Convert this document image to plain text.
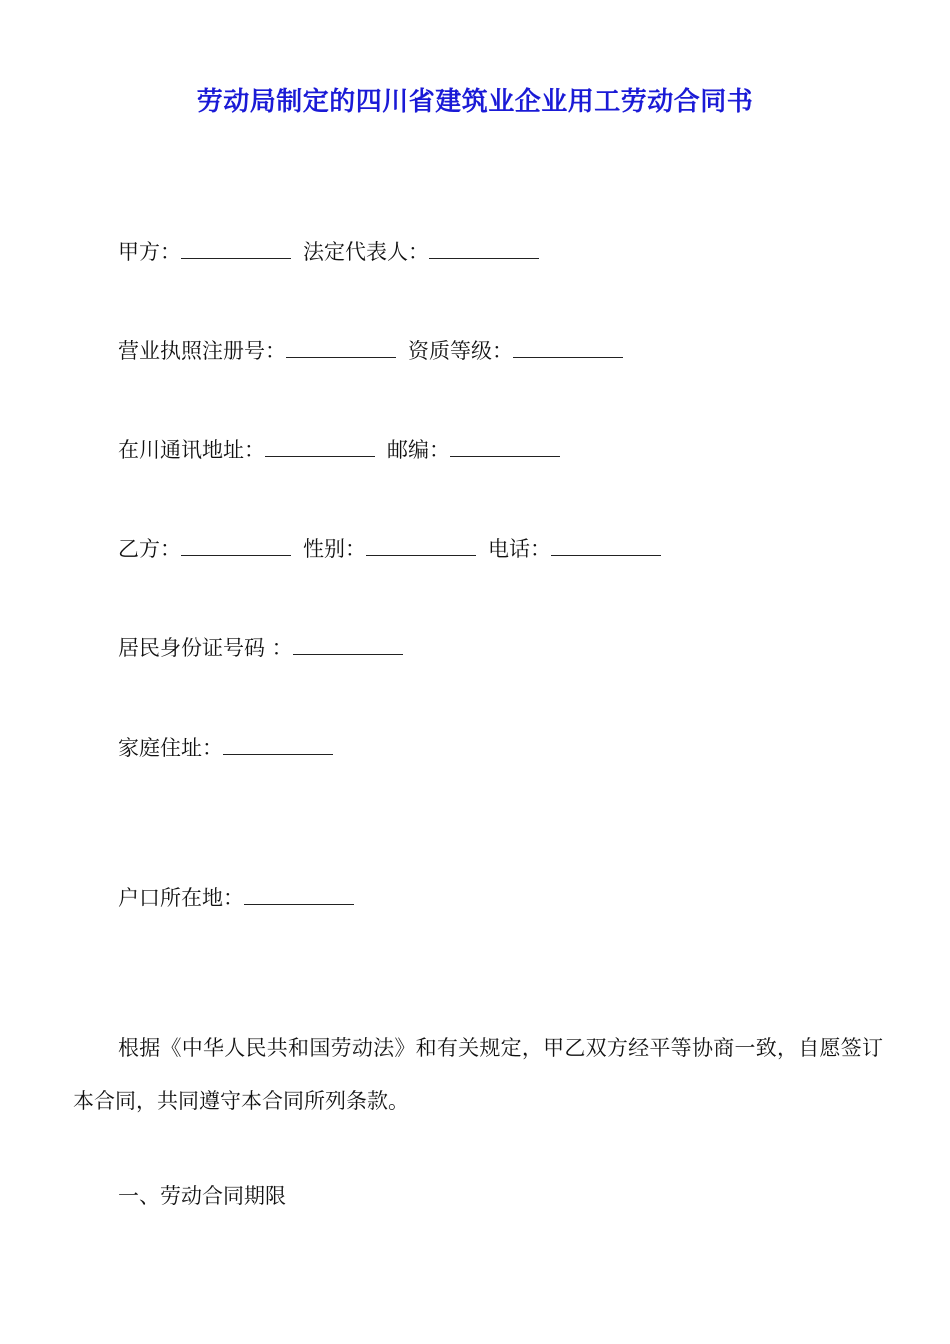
劳动局制定的四川省建筑业企业用工劳动合同书
甲方：	法定代表人：
营业执照注册号：	资质等级：
在川通讯地址：	邮编：
乙方：	性别：	电话：
居民身份证号码 ：
家庭住址：
户口所在地：
根据《中华人民共和国劳动法》和有关规定，甲乙双方经平等协商一致，自愿签订本合同，共同遵守本合同所列条款。
一、劳动合同期限
